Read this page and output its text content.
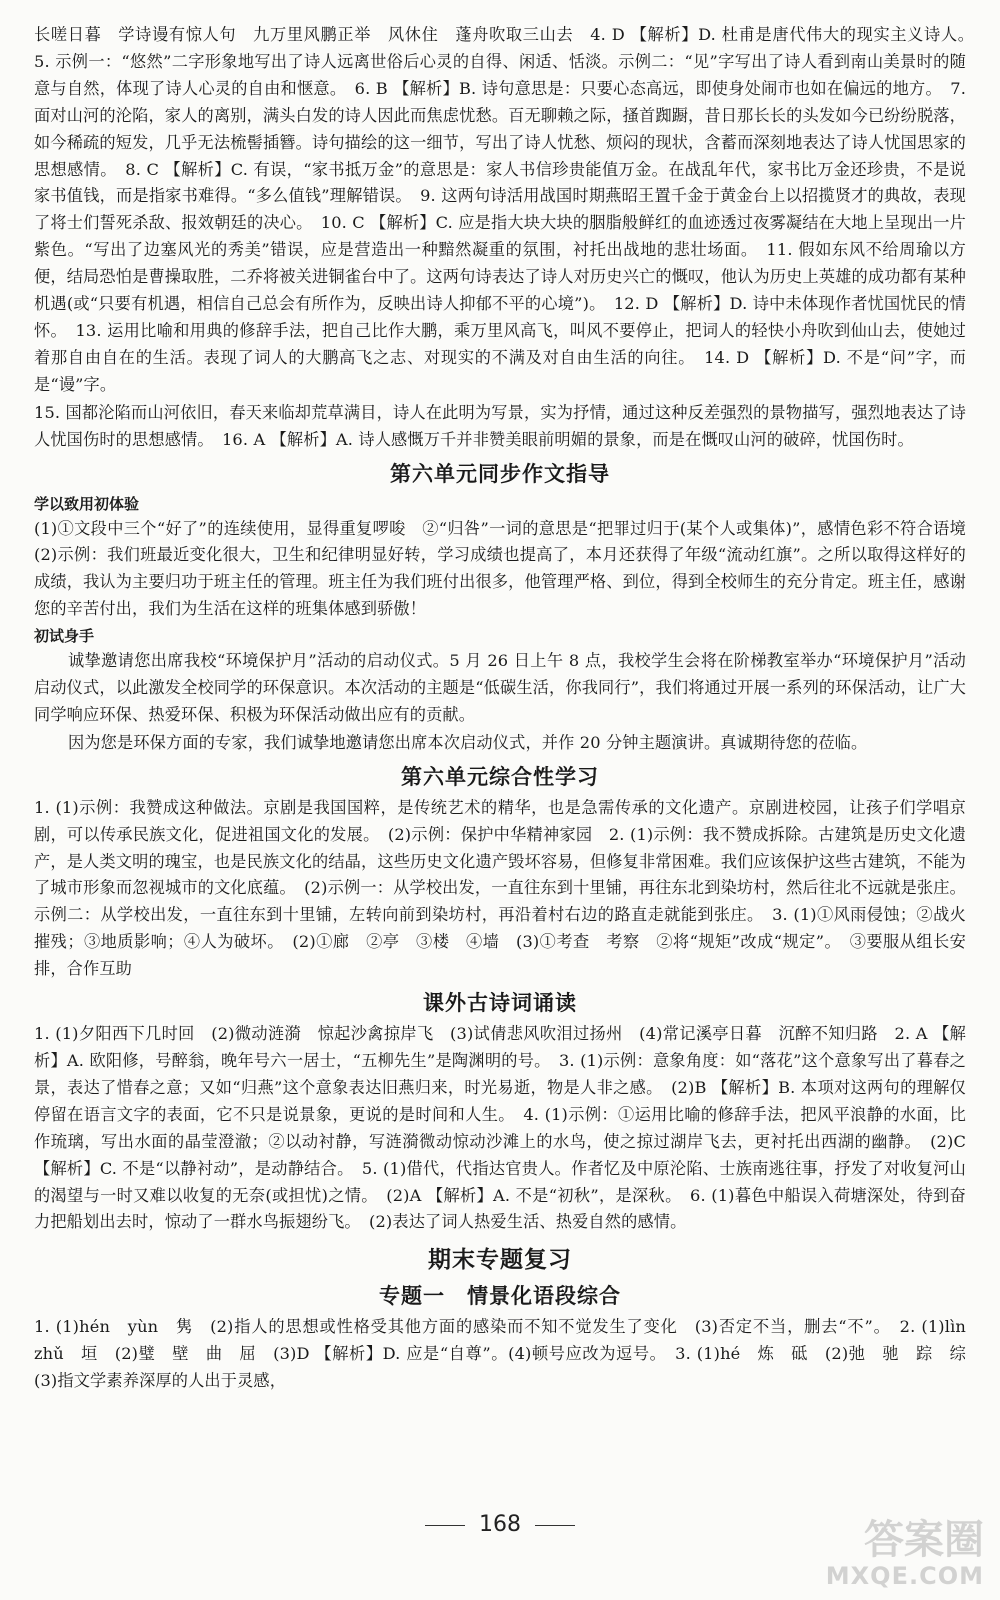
长嗟日暮　学诗谩有惊人句　九万里风鹏正举　风休住　蓬舟吹取三山去　4. D 【解析】D. 杜甫是唐代伟大的现实主义诗人。　5. 示例一：“悠然”二字形象地写出了诗人远离世俗后心灵的自得、闲适、恬淡。示例二：“见”字写出了诗人看到南山美景时的随意与自然，体现了诗人心灵的自由和惬意。　6. B 【解析】B. 诗句意思是：只要心态高远，即使身处闹市也如在偏远的地方。　7. 面对山河的沦陷，家人的离别，满头白发的诗人因此而焦虑忧愁。百无聊赖之际，搔首踟蹰，昔日那长长的头发如今已纷纷脱落，如今稀疏的短发，几乎无法梳髻插簪。诗句描绘的这一细节，写出了诗人忧愁、烦闷的现状，含蓄而深刻地表达了诗人忧国思家的思想感情。　8. C 【解析】C. 有误，“家书抵万金”的意思是：家人书信珍贵能值万金。在战乱年代，家书比万金还珍贵，不是说家书值钱，而是指家书难得。“多么值钱”理解错误。　9. 这两句诗活用战国时期燕昭王置千金于黄金台上以招揽贤才的典故，表现了将士们誓死杀敌、报效朝廷的决心。　10. C 【解析】C. 应是指大块大块的胭脂般鲜红的血迹透过夜雾凝结在大地上呈现出一片紫色。“写出了边塞风光的秀美”错误，应是营造出一种黯然凝重的氛围，衬托出战地的悲壮场面。　11. 假如东风不给周瑜以方便，结局恐怕是曹操取胜，二乔将被关进铜雀台中了。这两句诗表达了诗人对历史兴亡的慨叹，他认为历史上英雄的成功都有某种机遇(或“只要有机遇，相信自己总会有所作为，反映出诗人抑郁不平的心境”)。　12. D 【解析】D. 诗中未体现作者忧国忧民的情怀。　13. 运用比喻和用典的修辞手法，把自己比作大鹏，乘万里风高飞，叫风不要停止，把词人的轻快小舟吹到仙山去，使她过着那自由自在的生活。表现了词人的大鹏高飞之志、对现实的不满及对自由生活的向往。　14. D 【解析】D. 不是“问”字，而是“谩”字。

15. 国都沦陷而山河依旧，春天来临却荒草满目，诗人在此明为写景，实为抒情，通过这种反差强烈的景物描写，强烈地表达了诗人忧国伤时的思想感情。　16. A 【解析】A. 诗人感慨万千并非赞美眼前明媚的景象，而是在慨叹山河的破碎，忧国伤时。

第六单元同步作文指导
学以致用初体验

(1)①文段中三个“好了”的连续使用，显得重复啰唆　②“归咎”一词的意思是“把罪过归于(某个人或集体)”，感情色彩不符合语境　(2)示例：我们班最近变化很大，卫生和纪律明显好转，学习成绩也提高了，本月还获得了年级“流动红旗”。之所以取得这样好的成绩，我认为主要归功于班主任的管理。班主任为我们班付出很多，他管理严格、到位，得到全校师生的充分肯定。班主任，感谢您的辛苦付出，我们为生活在这样的班集体感到骄傲！

初试身手

诚挚邀请您出席我校“环境保护月”活动的启动仪式。5 月 26 日上午 8 点，我校学生会将在阶梯教室举办“环境保护月”活动启动仪式，以此激发全校同学的环保意识。本次活动的主题是“低碳生活，你我同行”，我们将通过开展一系列的环保活动，让广大同学响应环保、热爱环保、积极为环保活动做出应有的贡献。

因为您是环保方面的专家，我们诚挚地邀请您出席本次启动仪式，并作 20 分钟主题演讲。真诚期待您的莅临。

第六单元综合性学习

1. (1)示例：我赞成这种做法。京剧是我国国粹，是传统艺术的精华，也是急需传承的文化遗产。京剧进校园，让孩子们学唱京剧，可以传承民族文化，促进祖国文化的发展。　(2)示例：保护中华精神家园　2. (1)示例：我不赞成拆除。古建筑是历史文化遗产，是人类文明的瑰宝，也是民族文化的结晶，这些历史文化遗产毁坏容易，但修复非常困难。我们应该保护这些古建筑，不能为了城市形象而忽视城市的文化底蕴。　(2)示例一：从学校出发，一直往东到十里铺，再往东北到染坊村，然后往北不远就是张庄。示例二：从学校出发，一直往东到十里铺，左转向前到染坊村，再沿着村右边的路直走就能到张庄。　3. (1)①风雨侵蚀；②战火摧残；③地质影响；④人为破坏。　(2)①廊　②亭　③楼　④墙　(3)①考查　考察　②将“规矩”改成“规定”。　③要服从组长安排，合作互助

课外古诗词诵读

1. (1)夕阳西下几时回　(2)微动涟漪　惊起沙禽掠岸飞　(3)试倩悲风吹泪过扬州　(4)常记溪亭日暮　沉醉不知归路　2. A 【解析】A. 欧阳修，号醉翁，晚年号六一居士，“五柳先生”是陶渊明的号。　3. (1)示例：意象角度：如“落花”这个意象写出了暮春之景，表达了惜春之意；又如“归燕”这个意象表达旧燕归来，时光易逝，物是人非之感。　(2)B 【解析】B. 本项对这两句的理解仅停留在语言文字的表面，它不只是说景象，更说的是时间和人生。　4. (1)示例：①运用比喻的修辞手法，把风平浪静的水面，比作琉璃，写出水面的晶莹澄澈；②以动衬静，写涟漪微动惊动沙滩上的水鸟，使之掠过湖岸飞去，更衬托出西湖的幽静。　(2)C 【解析】C. 不是“以静衬动”，是动静结合。　5. (1)借代，代指达官贵人。作者忆及中原沦陷、士族南逃往事，抒发了对收复河山的渴望与一时又难以收复的无奈(或担忧)之情。　(2)A 【解析】A. 不是“初秋”，是深秋。　6. (1)暮色中船误入荷塘深处，待到奋力把船划出去时，惊动了一群水鸟振翅纷飞。　(2)表达了词人热爱生活、热爱自然的感情。

期末专题复习
专题一　情景化语段综合

1. (1)hén　yùn　隽　(2)指人的思想或性格受其他方面的感染而不知不觉发生了变化　(3)否定不当，删去“不”。　2. (1)lìn　zhǔ　垣　(2)璧　壁　曲　屈　(3)D 【解析】D. 应是“自尊”。(4)顿号应改为逗号。　3. (1)hé　炼　砥　(2)弛　驰　踪　综　(3)指文学素养深厚的人出于灵感，

168	答案圈
MXQE.COM
